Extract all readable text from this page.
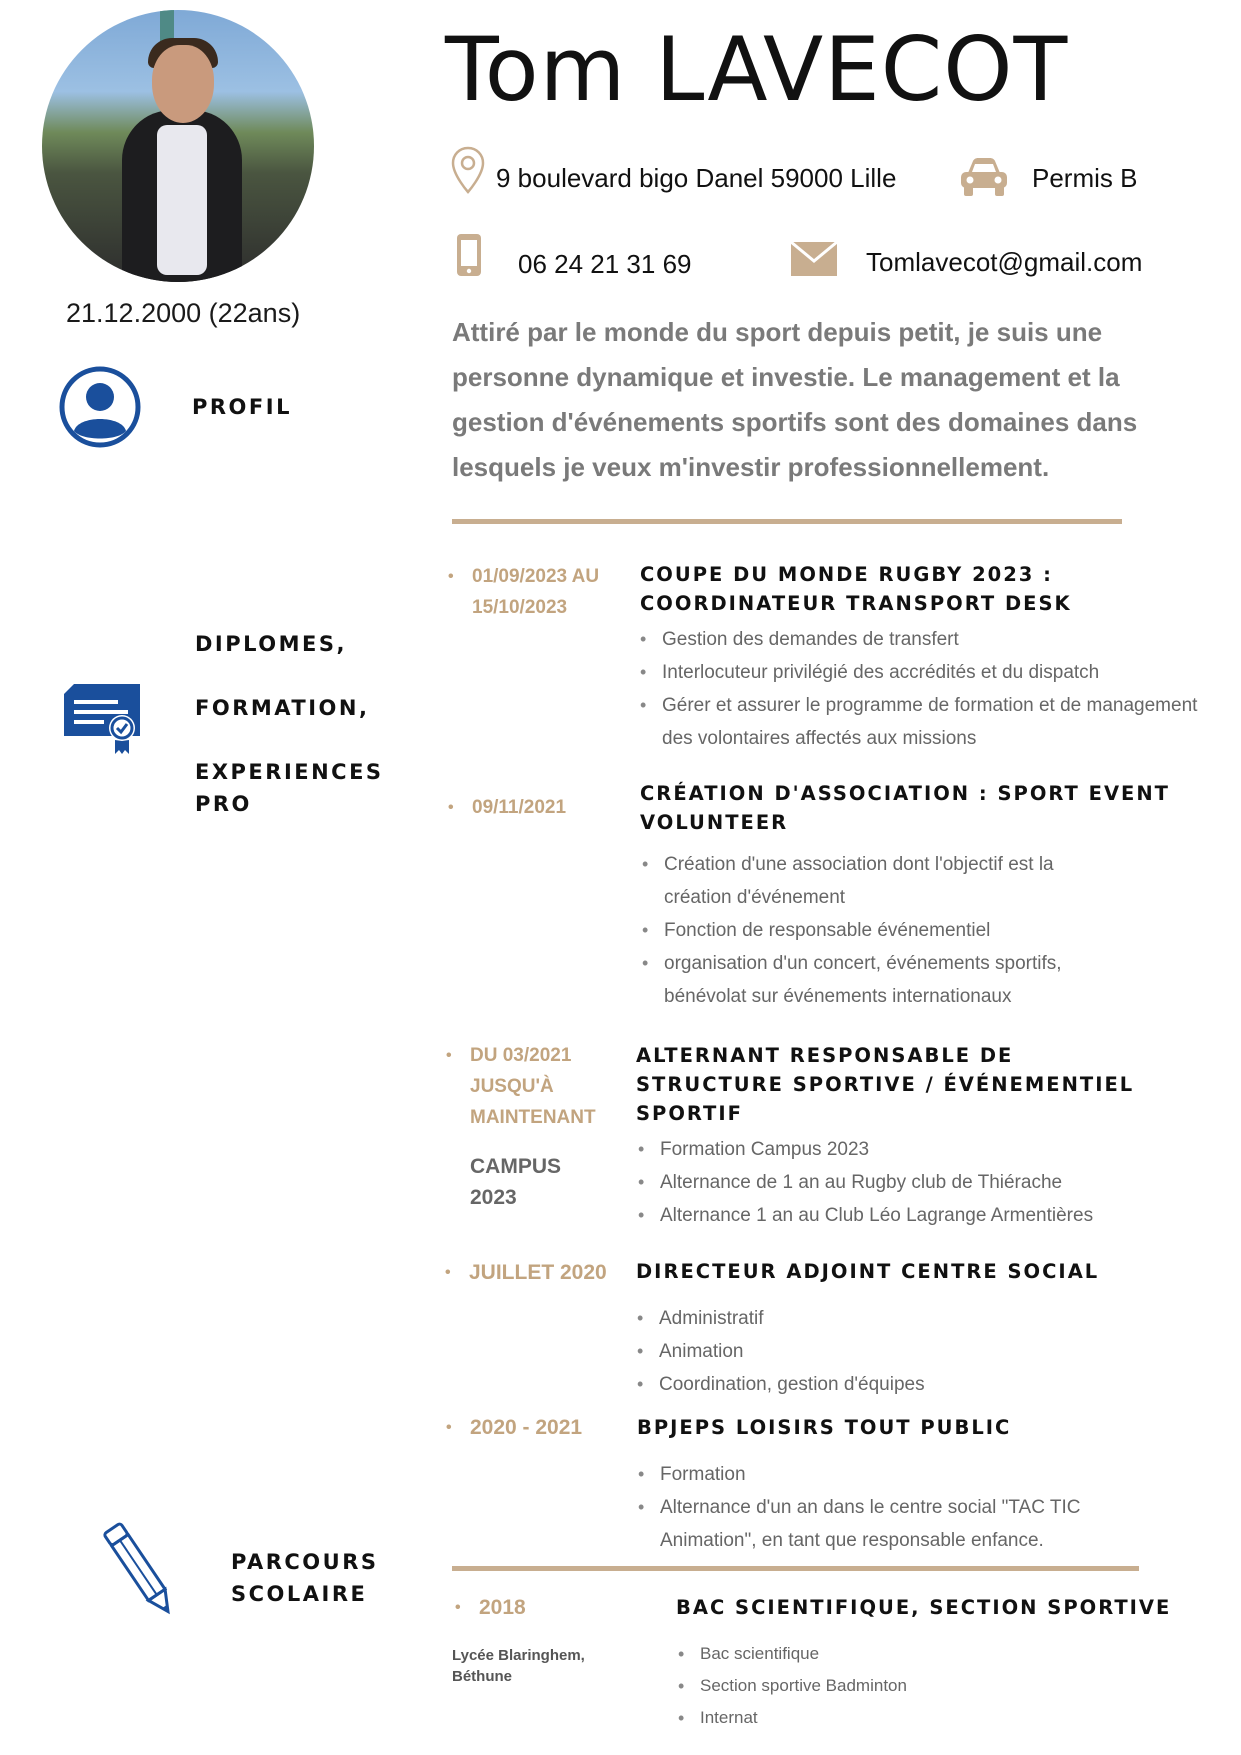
21.12.2000 (22ans)
PROFIL
DIPLOMES,
FORMATION,
EXPERIENCES
PRO
PARCOURS
SCOLAIRE
Tom LAVECOT
9 boulevard bigo Danel 59000 Lille	Permis B
06 24 21 31 69	Tomlavecot@gmail.com
Attiré par le monde du sport depuis petit, je suis une personne dynamique et investie. Le management et la gestion d'événements sportifs sont des domaines dans lesquels je veux m'investir professionnellement.
• 01/09/2023 AU
15/10/2023
COUPE DU MONDE RUGBY 2023 :
COORDINATEUR TRANSPORT DESK
• Gestion des demandes de transfert
• Interlocuteur privilégié des accrédités et du dispatch
• Gérer et assurer le programme de formation et de management
des volontaires affectés aux missions
• 09/11/2021
CRÉATION D'ASSOCIATION : SPORT EVENT
VOLUNTEER
• Création d'une association dont l'objectif est la
création d'événement
• Fonction de responsable événementiel
• organisation d'un concert, événements sportifs,
bénévolat sur événements internationaux
• DU 03/2021
JUSQU'À
MAINTENANT
CAMPUS
2023
ALTERNANT RESPONSABLE DE
STRUCTURE SPORTIVE / ÉVÉNEMENTIEL
SPORTIF
• Formation Campus 2023
• Alternance de 1 an au Rugby club de Thiérache
• Alternance 1 an au Club Léo Lagrange Armentières
• JUILLET 2020 DIRECTEUR ADJOINT CENTRE SOCIAL
• Administratif
• Animation
• Coordination, gestion d'équipes
• 2020 - 2021	BPJEPS LOISIRS TOUT PUBLIC
• Formation
• Alternance d'un an dans le centre social "TAC TIC
Animation", en tant que responsable enfance.
• 2018
Lycée Blaringhem,
Béthune
BAC SCIENTIFIQUE, SECTION SPORTIVE
• Bac scientifique
• Section sportive Badminton
• Internat
